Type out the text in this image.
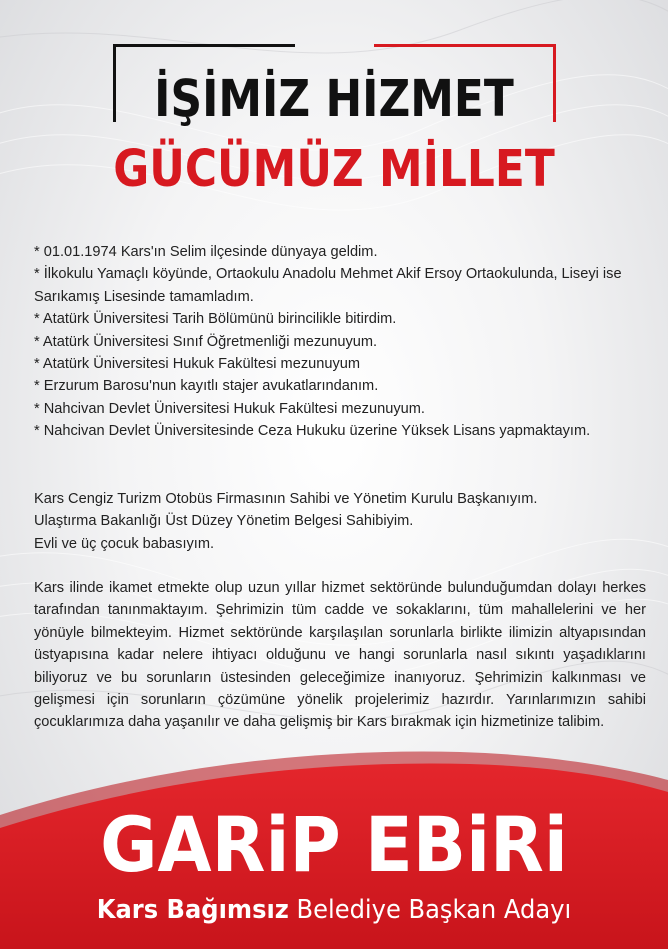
İŞİMİZ HİZMET
GÜCÜMÜZ MİLLET
* 01.01.1974 Kars'ın Selim ilçesinde dünyaya geldim.
* İlkokulu Yamaçlı köyünde, Ortaokulu Anadolu Mehmet Akif Ersoy Ortaokulunda, Liseyi ise Sarıkamış Lisesinde tamamladım.
* Atatürk Üniversitesi Tarih Bölümünü birincilikle bitirdim.
* Atatürk Üniversitesi Sınıf Öğretmenliği mezunuyum.
* Atatürk Üniversitesi Hukuk Fakültesi mezunuyum
* Erzurum Barosu'nun kayıtlı stajer avukatlarındanım.
* Nahcivan Devlet Üniversitesi Hukuk Fakültesi mezunuyum.
* Nahcivan Devlet Üniversitesinde Ceza Hukuku üzerine Yüksek Lisans yapmaktayım.
Kars Cengiz Turizm Otobüs Firmasının Sahibi ve Yönetim Kurulu Başkanıyım.
Ulaştırma Bakanlığı Üst Düzey Yönetim Belgesi Sahibiyim.
Evli ve üç çocuk babasıyım.

Kars ilinde ikamet etmekte olup uzun yıllar hizmet sektöründe bulunduğumdan dolayı herkes tarafından tanınmaktayım. Şehrimizin tüm cadde ve sokaklarını, tüm mahallelerini ve her yönüyle bilmekteyim. Hizmet sektöründe karşılaşılan sorunlarla birlikte ilimizin altyapısından üstyapısına kadar nelere ihtiyacı olduğunu ve hangi sorunlarla nasıl sıkıntı yaşadıklarını biliyoruz ve bu sorunların üstesinden geleceğimize inanıyoruz. Şehrimizin kalkınması ve gelişmesi için sorunların çözümüne yönelik projelerimiz hazırdır. Yarınlarımızın sahibi çocuklarımıza daha yaşanılır ve daha gelişmiş bir Kars bırakmak için hizmetinize talibim.

GARiP EBiRi
Kars Bağımsız Belediye Başkan Adayı
